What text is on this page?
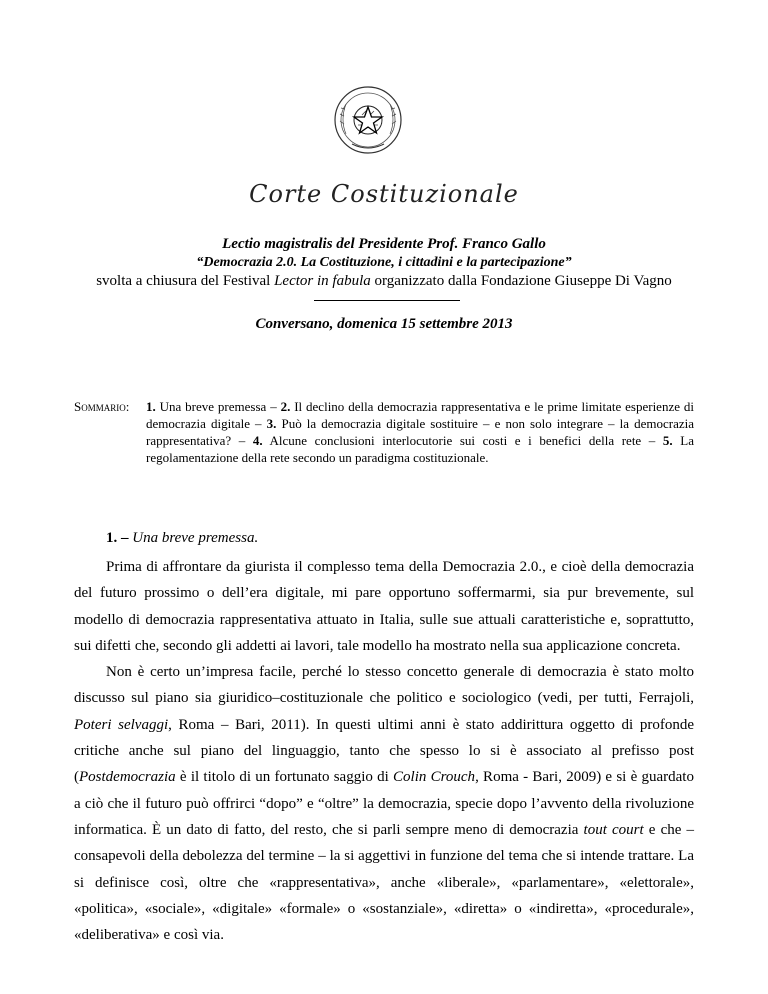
Corte Costituzionale
Lectio magistralis del Presidente Prof. Franco Gallo
“Democrazia 2.0. La Costituzione, i cittadini e la partecipazione”
svolta a chiusura del Festival Lector in fabula organizzato dalla Fondazione Giuseppe Di Vagno
Conversano, domenica 15 settembre 2013
Sommario: 1. Una breve premessa – 2. Il declino della democrazia rappresentativa e le prime limitate esperienze di democrazia digitale – 3. Può la democrazia digitale sostituire – e non solo integrare – la democrazia rappresentativa? – 4. Alcune conclusioni interlocutorie sui costi e i benefici della rete – 5. La regolamentazione della rete secondo un paradigma costituzionale.
1. – Una breve premessa.

Prima di affrontare da giurista il complesso tema della Democrazia 2.0., e cioè della democrazia del futuro prossimo o dell’era digitale, mi pare opportuno soffermarmi, sia pur brevemente, sul modello di democrazia rappresentativa attuato in Italia, sulle sue attuali caratteristiche e, soprattutto, sui difetti che, secondo gli addetti ai lavori, tale modello ha mostrato nella sua applicazione concreta.

Non è certo un’impresa facile, perché lo stesso concetto generale di democrazia è stato molto discusso sul piano sia giuridico–costituzionale che politico e sociologico (vedi, per tutti, Ferrajoli, Poteri selvaggi, Roma – Bari, 2011). In questi ultimi anni è stato addirittura oggetto di profonde critiche anche sul piano del linguaggio, tanto che spesso lo si è associato al prefisso post (Postdemocrazia è il titolo di un fortunato saggio di Colin Crouch, Roma - Bari, 2009) e si è guardato a ciò che il futuro può offrirci “dopo” e “oltre” la democrazia, specie dopo l’avvento della rivoluzione informatica. È un dato di fatto, del resto, che si parli sempre meno di democrazia tout court e che – consapevoli della debolezza del termine – la si aggettivi in funzione del tema che si intende trattare. La si definisce così, oltre che «rappresentativa», anche «liberale», «parlamentare», «elettorale», «politica», «sociale», «digitale» «formale» o «sostanziale», «diretta» o «indiretta», «procedurale», «deliberativa» e così via.
